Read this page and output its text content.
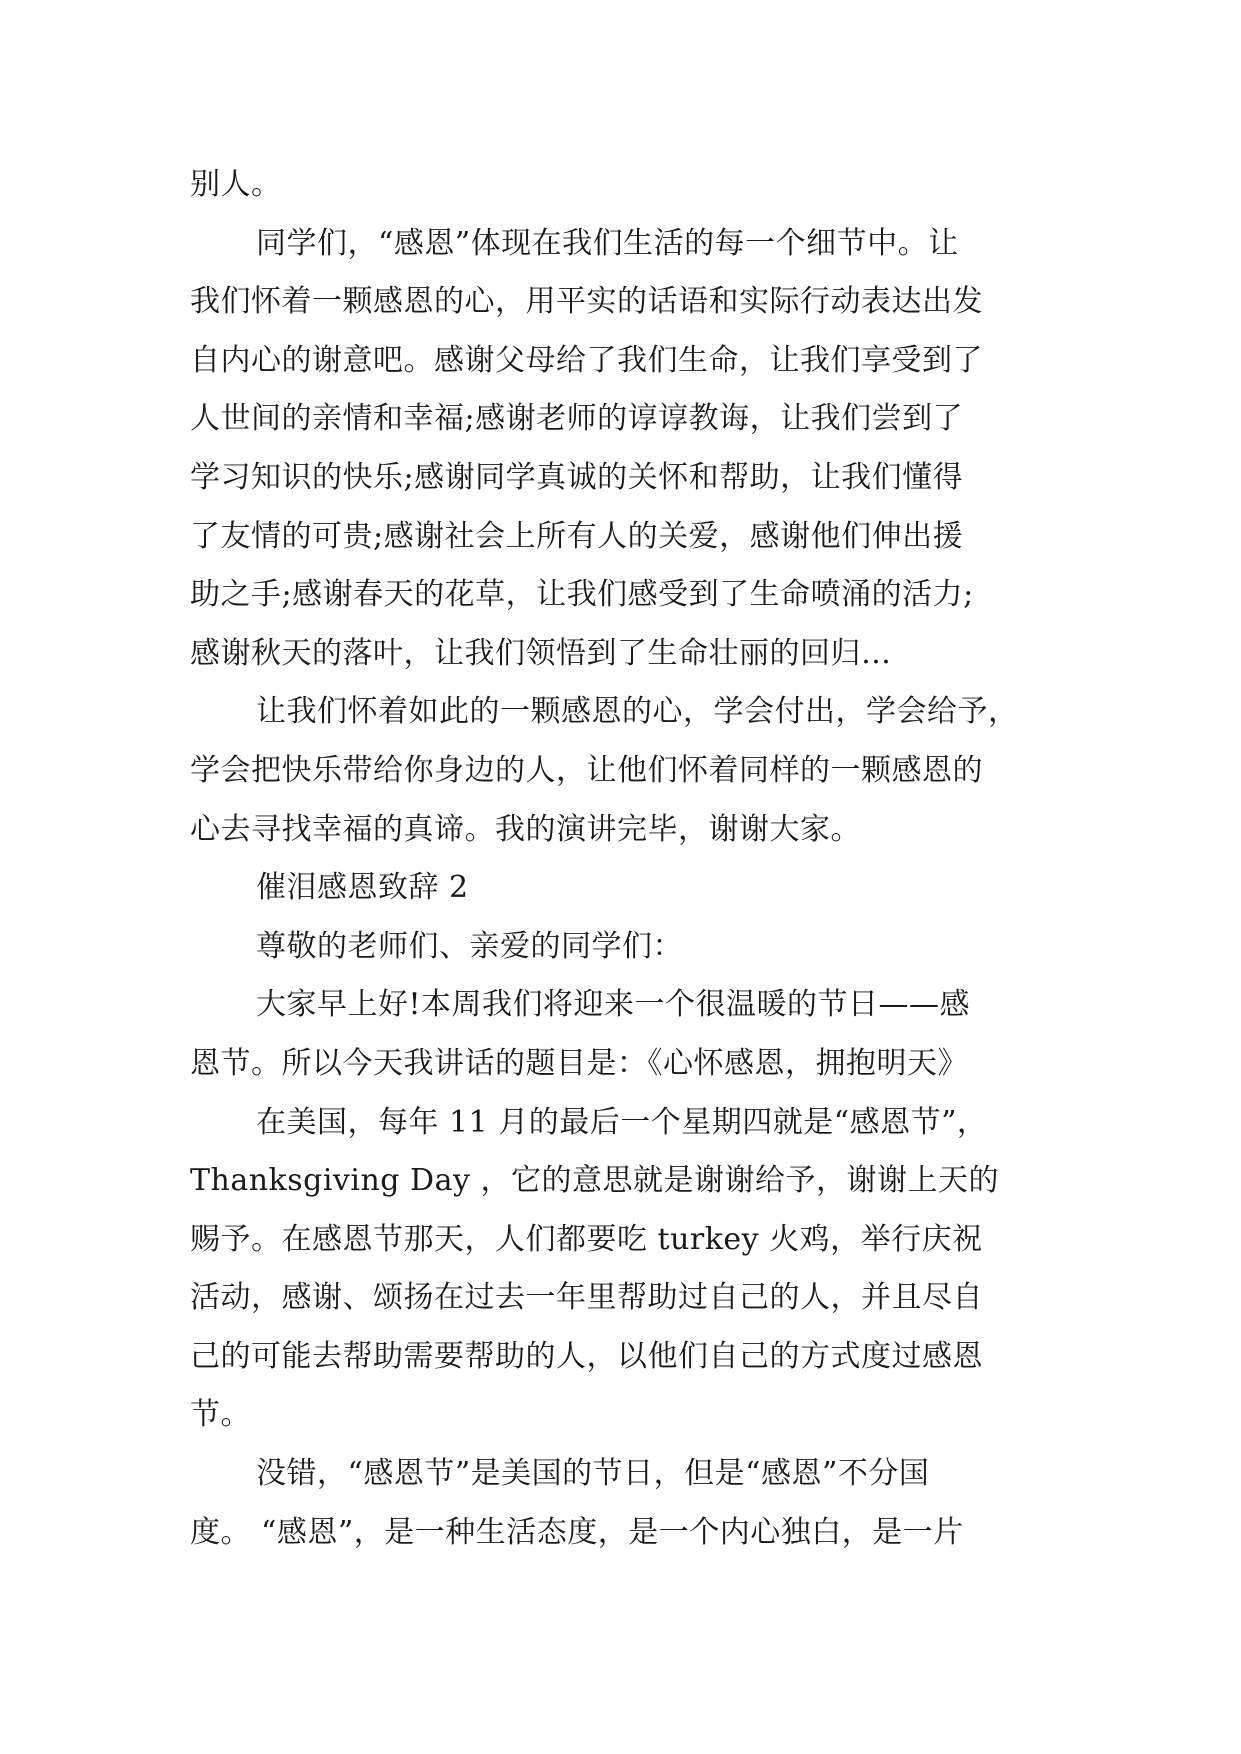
别人。
同学们，“感恩”体现在我们生活的每一个细节中。让
我们怀着一颗感恩的心，用平实的话语和实际行动表达出发
自内心的谢意吧。感谢父母给了我们生命，让我们享受到了
人世间的亲情和幸福;感谢老师的谆谆教诲，让我们尝到了
学习知识的快乐;感谢同学真诚的关怀和帮助，让我们懂得
了友情的可贵;感谢社会上所有人的关爱，感谢他们伸出援
助之手;感谢春天的花草，让我们感受到了生命喷涌的活力;
感谢秋天的落叶，让我们领悟到了生命壮丽的回归…
让我们怀着如此的一颗感恩的心，学会付出，学会给予，
学会把快乐带给你身边的人，让他们怀着同样的一颗感恩的
心去寻找幸福的真谛。我的演讲完毕，谢谢大家。
催泪感恩致辞 2
尊敬的老师们、亲爱的同学们：
大家早上好!本周我们将迎来一个很温暖的节日——感
恩节。所以今天我讲话的题目是：《心怀感恩，拥抱明天》
在美国，每年 11 月的最后一个星期四就是“感恩节”，
Thanksgiving Day ，它的意思就是谢谢给予，谢谢上天的
赐予。在感恩节那天，人们都要吃 turkey 火鸡，举行庆祝
活动，感谢、颂扬在过去一年里帮助过自己的人，并且尽自
己的可能去帮助需要帮助的人，以他们自己的方式度过感恩
节。
没错，“感恩节”是美国的节日，但是“感恩”不分国
度。 “感恩”，是一种生活态度，是一个内心独白，是一片
